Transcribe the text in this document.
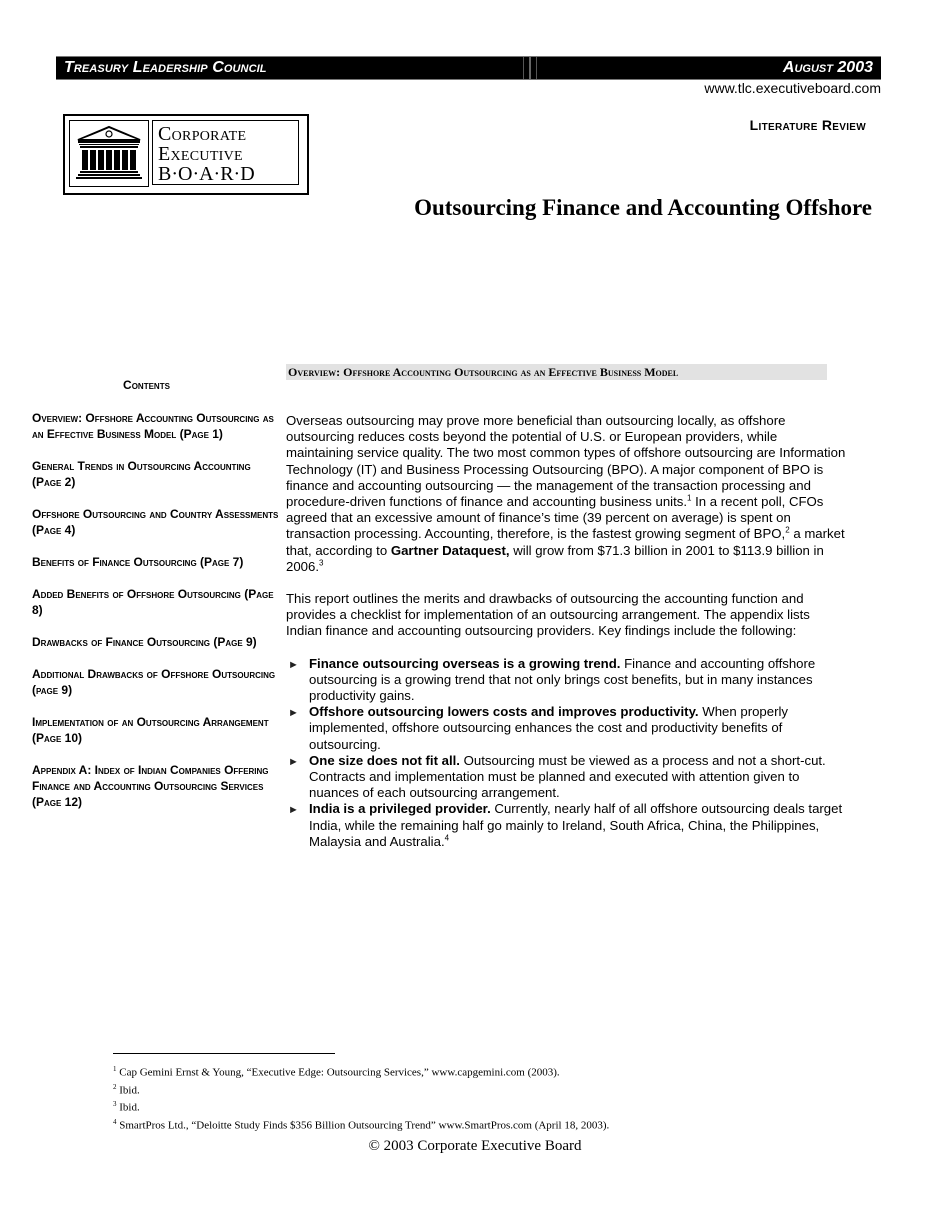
Treasury Leadership Council	August 2003
www.tlc.executiveboard.com
Literature Review
Corporate
Executive
B·O·A·R·D
Outsourcing Finance and Accounting Offshore
Contents
Overview: Offshore Accounting Outsourcing as an Effective Business Model (Page 1)
General Trends in Outsourcing Accounting (Page 2)
Offshore Outsourcing and Country Assessments (Page 4)
Benefits of Finance Outsourcing (Page 7)
Added Benefits of Offshore Outsourcing (Page 8)
Drawbacks of Finance Outsourcing (Page 9)
Additional Drawbacks of Offshore Outsourcing (page 9)
Implementation of an Outsourcing Arrangement (Page 10)
Appendix A: Index of Indian Companies Offering Finance and Accounting Outsourcing Services (Page 12)
Overview: Offshore Accounting Outsourcing as an Effective Business Model

Overseas outsourcing may prove more beneficial than outsourcing locally, as offshore outsourcing reduces costs beyond the potential of U.S. or European providers, while maintaining service quality. The two most common types of offshore outsourcing are Information Technology (IT) and Business Processing Outsourcing (BPO). A major component of BPO is finance and accounting outsourcing — the management of the transaction processing and procedure-driven functions of finance and accounting business units.$^1$ In a recent poll, CFOs agreed that an excessive amount of finance’s time (39 percent on average) is spent on transaction processing. Accounting, therefore, is the fastest growing segment of BPO,$^2$ a market that, according to Gartner Dataquest, will grow from $71.3 billion in 2001 to $113.9 billion in 2006.$^3$

This report outlines the merits and drawbacks of outsourcing the accounting function and provides a checklist for implementation of an outsourcing arrangement. The appendix lists Indian finance and accounting outsourcing providers. Key findings include the following:

► Finance outsourcing overseas is a growing trend. Finance and accounting offshore outsourcing is a growing trend that not only brings cost benefits, but in many instances productivity gains.
► Offshore outsourcing lowers costs and improves productivity. When properly implemented, offshore outsourcing enhances the cost and productivity benefits of outsourcing.
► One size does not fit all. Outsourcing must be viewed as a process and not a short-cut. Contracts and implementation must be planned and executed with attention given to nuances of each outsourcing arrangement.
► India is a privileged provider. Currently, nearly half of all offshore outsourcing deals target India, while the remaining half go mainly to Ireland, South Africa, China, the Philippines, Malaysia and Australia.$^4$
$^1$ Cap Gemini Ernst & Young, “Executive Edge: Outsourcing Services,” www.capgemini.com (2003).
$^2$ Ibid.
$^3$ Ibid.
$^4$ SmartPros Ltd., “Deloitte Study Finds $356 Billion Outsourcing Trend” www.SmartPros.com (April 18, 2003).
© 2003 Corporate Executive Board
